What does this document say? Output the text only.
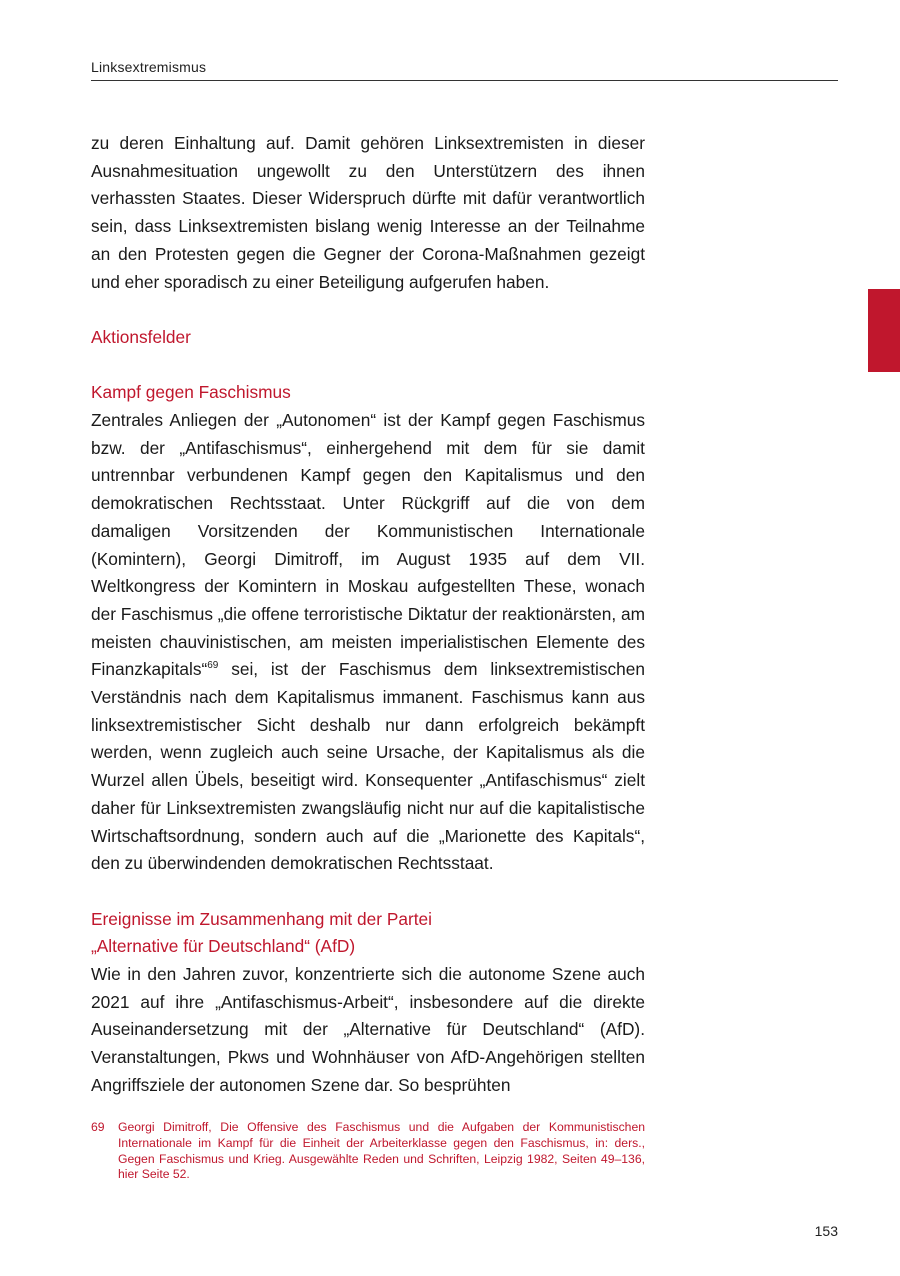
Linksextremismus

zu deren Einhaltung auf. Damit gehören Linksextremisten in dieser Ausnahmesituation ungewollt zu den Unterstützern des ihnen verhassten Staates. Dieser Widerspruch dürfte mit dafür verantwortlich sein, dass Linksextremisten bislang wenig Interesse an der Teilnahme an den Protesten gegen die Gegner der Corona-Maßnahmen gezeigt und eher sporadisch zu einer Beteiligung aufgerufen haben.

Aktionsfelder

Kampf gegen Faschismus

Zentrales Anliegen der „Autonomen“ ist der Kampf gegen Faschismus bzw. der „Antifaschismus“, einhergehend mit dem für sie damit untrennbar verbundenen Kampf gegen den Kapitalismus und den demokratischen Rechtsstaat. Unter Rückgriff auf die von dem damaligen Vorsitzenden der Kommunistischen Internationale (Komintern), Georgi Dimitroff, im August 1935 auf dem VII. Weltkongress der Komintern in Moskau aufgestellten These, wonach der Faschismus „die offene terroristische Diktatur der reaktionärsten, am meisten chauvinistischen, am meisten imperialistischen Elemente des Finanzkapitals“$^{69}$ sei, ist der Faschismus dem linksextremistischen Verständnis nach dem Kapitalismus immanent. Faschismus kann aus linksextremistischer Sicht deshalb nur dann erfolgreich bekämpft werden, wenn zugleich auch seine Ursache, der Kapitalismus als die Wurzel allen Übels, beseitigt wird. Konsequenter „Antifaschismus“ zielt daher für Linksextremisten zwangsläufig nicht nur auf die kapitalistische Wirtschaftsordnung, sondern auch auf die „Marionette des Kapitals“, den zu überwindenden demokratischen Rechtsstaat.

Ereignisse im Zusammenhang mit der Partei

„Alternative für Deutschland“ (AfD)

Wie in den Jahren zuvor, konzentrierte sich die autonome Szene auch 2021 auf ihre „Antifaschismus-Arbeit“, insbesondere auf die direkte Auseinandersetzung mit der „Alternative für Deutschland“ (AfD). Veranstaltungen, Pkws und Wohnhäuser von AfD-Angehörigen stellten Angriffsziele der autonomen Szene dar. So besprühten

69	Georgi Dimitroff, Die Offensive des Faschismus und die Aufgaben der Kommunistischen Internationale im Kampf für die Einheit der Arbeiterklasse gegen den Faschismus, in: ders., Gegen Faschismus und Krieg. Ausgewählte Reden und Schriften, Leipzig 1982, Seiten 49–136, hier Seite 52.
153
